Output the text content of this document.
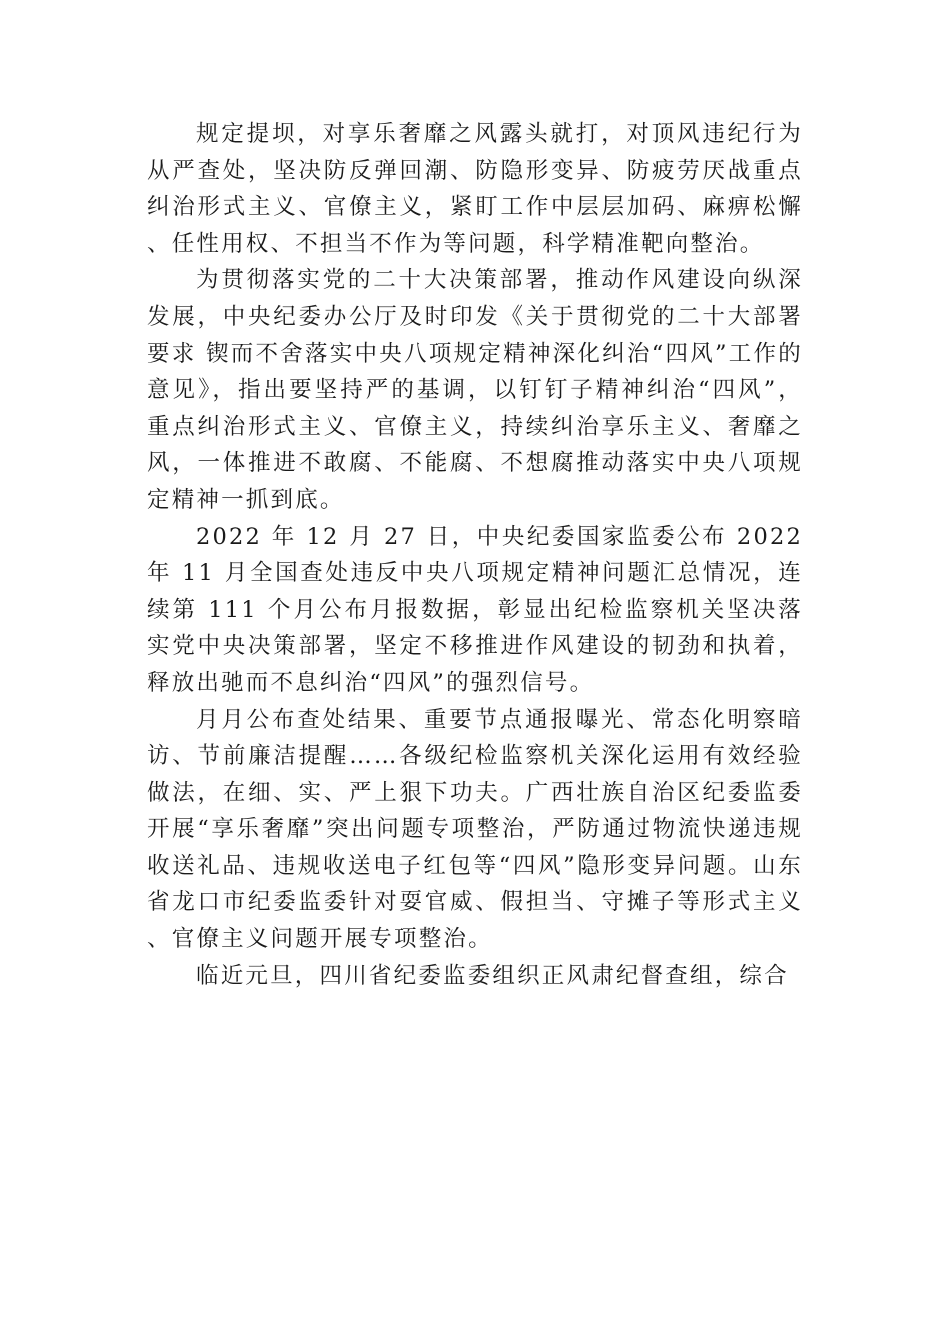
规定提坝，对享乐奢靡之风露头就打，对顶风违纪行为从严查处，坚决防反弹回潮、防隐形变异、防疲劳厌战重点纠治形式主义、官僚主义，紧盯工作中层层加码、麻痹松懈、任性用权、不担当不作为等问题，科学精准靶向整治。

为贯彻落实党的二十大决策部署，推动作风建设向纵深发展，中央纪委办公厅及时印发《关于贯彻党的二十大部署要求 锲而不舍落实中央八项规定精神深化纠治“四风”工作的意见》，指出要坚持严的基调，以钉钉子精神纠治“四风”，重点纠治形式主义、官僚主义，持续纠治享乐主义、奢靡之风，一体推进不敢腐、不能腐、不想腐推动落实中央八项规定精神一抓到底。

2022 年 12 月 27 日，中央纪委国家监委公布 2022 年 11 月全国查处违反中央八项规定精神问题汇总情况，连续第 111 个月公布月报数据，彰显出纪检监察机关坚决落实党中央决策部署，坚定不移推进作风建设的韧劲和执着，释放出驰而不息纠治“四风”的强烈信号。

月月公布查处结果、重要节点通报曝光、常态化明察暗访、节前廉洁提醒……各级纪检监察机关深化运用有效经验做法，在细、实、严上狠下功夫。广西壮族自治区纪委监委开展“享乐奢靡”突出问题专项整治，严防通过物流快递违规收送礼品、违规收送电子红包等“四风”隐形变异问题。山东省龙口市纪委监委针对耍官威、假担当、守摊子等形式主义、官僚主义问题开展专项整治。

临近元旦，四川省纪委监委组织正风肃纪督查组，综合
